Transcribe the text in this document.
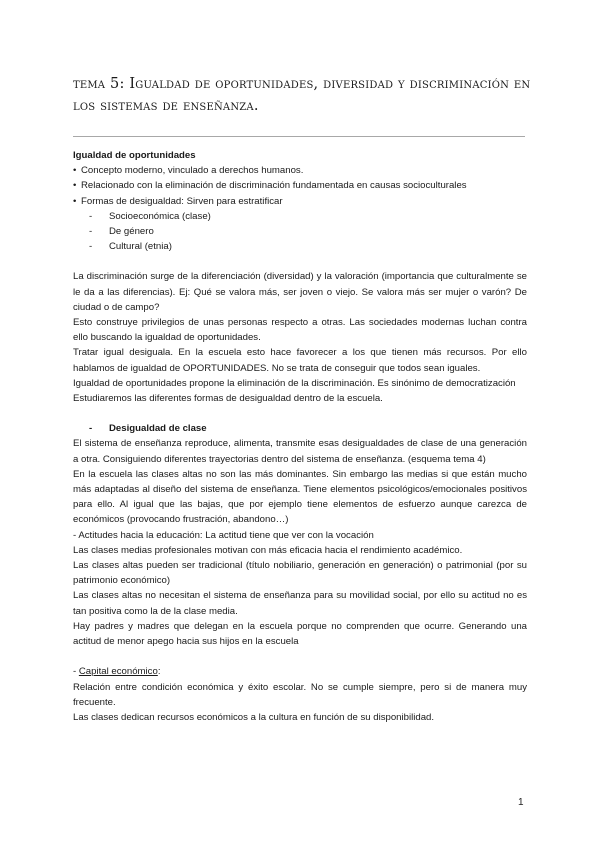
tema 5: Igualdad de oportunidades, diversidad y discriminación en los sistemas de enseñanza.

Igualdad de oportunidades

• Concepto moderno, vinculado a derechos humanos.
• Relacionado con la eliminación de discriminación fundamentada en causas socioculturales
• Formas de desigualdad: Sirven para estratificar
-	Socioeconómica (clase)
-	De género
-	Cultural (etnia)

La discriminación surge de la diferenciación (diversidad) y la valoración (importancia que culturalmente se le da a las diferencias). Ej: Qué se valora más, ser joven o viejo. Se valora más ser mujer o varón? De ciudad o de campo?

Esto construye privilegios de unas personas respecto a otras. Las sociedades modernas luchan contra ello buscando la igualdad de oportunidades.

Tratar igual desiguala. En la escuela esto hace favorecer a los que tienen más recursos. Por ello hablamos de igualdad de OPORTUNIDADES. No se trata de conseguir que todos sean iguales.

Igualdad de oportunidades propone la eliminación de la discriminación. Es sinónimo de democratización

Estudiaremos las diferentes formas de desigualdad dentro de la escuela.

-	Desigualdad de clase

El sistema de enseñanza reproduce, alimenta, transmite esas desigualdades de clase de una generación a otra. Consiguiendo diferentes trayectorias dentro del sistema de enseñanza. (esquema tema 4)

En la escuela las clases altas no son las más dominantes. Sin embargo las medias si que están mucho más adaptadas al diseño del sistema de enseñanza. Tiene elementos psicológicos/emocionales positivos para ello. Al igual que las bajas, que por ejemplo tiene elementos de esfuerzo aunque carezca de económicos (provocando frustración, abandono…)

- Actitudes hacia la educación: La actitud tiene que ver con la vocación

Las clases medias profesionales motivan con más eficacia hacia el rendimiento académico.

Las clases altas pueden ser tradicional (título nobiliario, generación en generación) o patrimonial (por su patrimonio económico)

Las clases altas no necesitan el sistema de enseñanza para su movilidad social, por ello su actitud no es tan positiva como la de la clase media.

Hay padres y madres que delegan en la escuela porque no comprenden que ocurre. Generando una actitud de menor apego hacia sus hijos en la escuela

- Capital económico:

Relación entre condición económica y éxito escolar. No se cumple siempre, pero si de manera muy frecuente.

Las clases dedican recursos económicos a la cultura en función de su disponibilidad.

1
